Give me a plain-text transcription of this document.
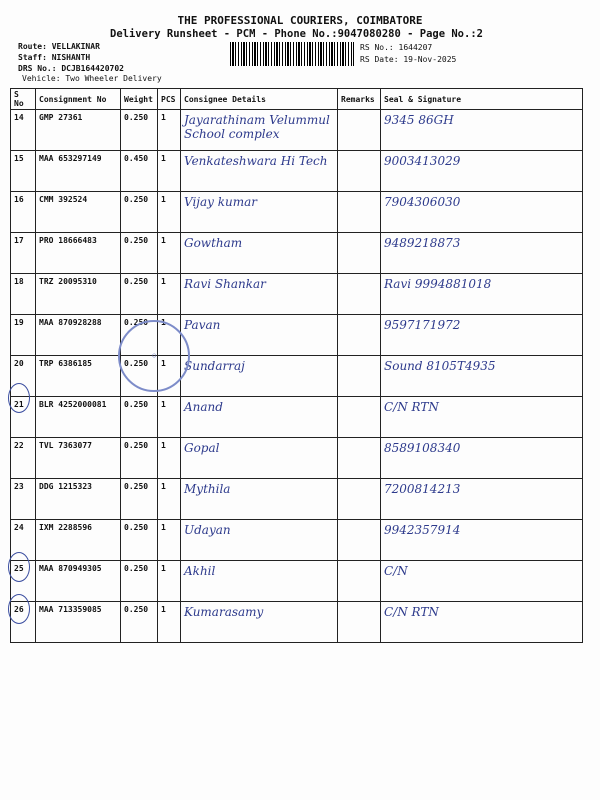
THE PROFESSIONAL COURIERS, COIMBATORE
Delivery Runsheet - PCM - Phone No.:9047080280 - Page No.:2
Route: VELLAKINAR
Staff: NISHANTH
DRS No.: DCJB164420702
Vehicle: Two Wheeler Delivery
RS No.: 1644207
RS Date: 19-Nov-2025
S No	Consignment No	Weight	PCS	Consignee Details	Remarks	Seal & Signature
14	GMP 27361	0.250	1	Jayarathinam Velummul School complex		9345 86GH

15	MAA 653297149	0.450	1	Venkateshwara Hi Tech		9003413029

16	CMM 392524	0.250	1	Vijay kumar		7904306030

17	PRO 18666483	0.250	1	Gowtham		9489218873

18	TRZ 20095310	0.250	1	Ravi Shankar		Ravi 9994881018

19	MAA 870928288	0.250	1	Pavan		9597171972

20	TRP 6386185	0.250	1	Sundarraj		Sound 8105T4935

21	BLR 4252000081	0.250	1	Anand		C/N RTN

22	TVL 7363077	0.250	1	Gopal		8589108340

23	DDG 1215323	0.250	1	Mythila		7200814213

24	IXM 2288596	0.250	1	Udayan		9942357914

25	MAA 870949305	0.250	1	Akhil		C/N

26	MAA 713359085	0.250	1	Kumarasamy		C/N RTN
◯
